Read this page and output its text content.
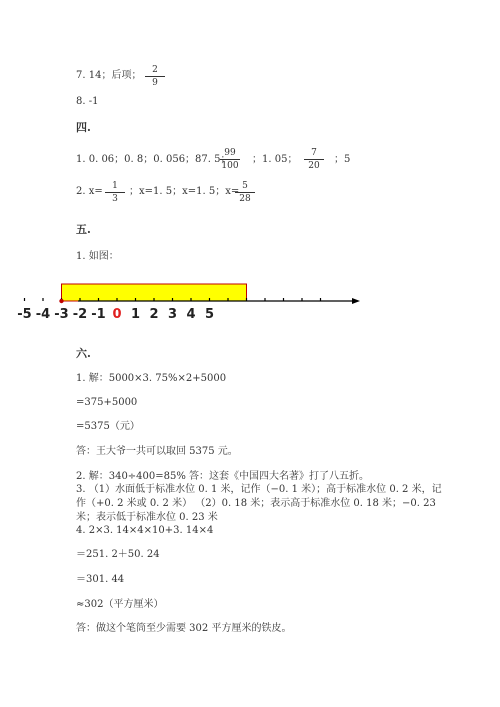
7. 14；后项；	2
9
8. -1
四.
1. 0. 06；0. 8；0. 056；87. 5；
99
100
；1. 05；
7
20
；5
2. x=	1
3
；x=1. 5；x=1. 5；x= 5
28
五.
1. 如图：
-5 -4 -3 -2 -1 0 1 2 3 4 5
六.
1. 解：5000×3. 75%×2+5000
=375+5000
=5375（元）
答：王大爷一共可以取回 5375 元。
2. 解：340÷400=85% 答：这套《中国四大名著》打了八五折。
3. （1）水面低于标准水位 0. 1 米，记作（−0. 1 米）；高于标准水位 0. 2 米，记
作（+0. 2 米或 0. 2 米） （2）0. 18 米；表示高于标准水位 0. 18 米；−0. 23
米；表示低于标准水位 0. 23 米
4. 2×3. 14×4×10+3. 14×4
＝251. 2＋50. 24
＝301. 44
≈302（平方厘米）
答：做这个笔筒至少需要 302 平方厘米的铁皮。
